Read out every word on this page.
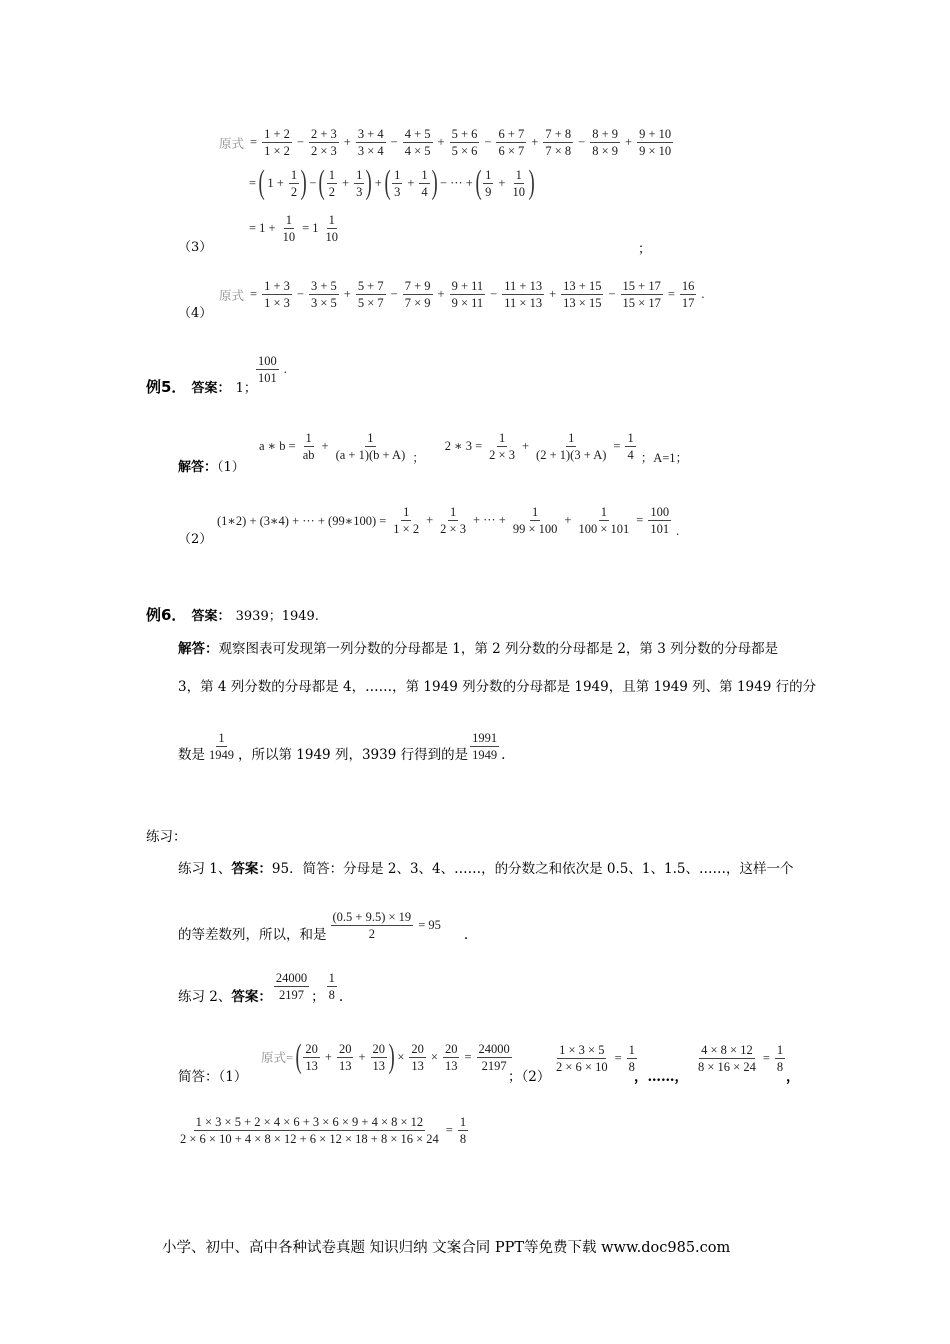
原式 = $\frac{1 + 2}{1 \times 2} - \frac{2 + 3}{2 \times 3} + \frac{3 + 4}{3 \times 4} - \frac{4 + 5}{4 \times 5} + \frac{5 + 6}{5 \times 6} - \frac{6 + 7}{6 \times 7} + \frac{7 + 8}{7 \times 8} - \frac{8 + 9}{8 \times 9} + \frac{9 + 10}{9 \times 10}$
= ( $1 + \frac{1}{2}$ ) − ( $\frac{1}{2} + \frac{1}{3}$ ) + ( $\frac{1}{3} + \frac{1}{4}$ ) − ··· + ( $\frac{1}{9} + \frac{1}{10}$ )
= $1 + \frac{1}{10} = 1 \frac{1}{10}$
（3）	；
原式 = $\frac{1 + 3}{1 \times 3} - \frac{3 + 5}{3 \times 5} + \frac{5 + 7}{5 \times 7} - \frac{7 + 9}{7 \times 9} + \frac{9 + 11}{9 \times 11} - \frac{11 + 13}{11 \times 13} + \frac{13 + 15}{13 \times 15} - \frac{15 + 17}{15 \times 17} = \frac{16}{17}$ .
（4）
例5． 答案： 1；
$\frac{100}{101}$ .
解答：（1）
a ∗ $b = \frac{1}{ab} + \frac{1}{(a + 1)(b + A)}$ ；
2 ∗ $3 = \frac{1}{2 \times 3} + \frac{1}{(2 + 1)(3 + A)} = \frac{1}{4}$ ；A=1；
（2）
(1∗2) + (3∗4) + ··· + (99∗100) = $\frac{1}{1 \times 2} + \frac{1}{2 \times 3}$ + ··· + $\frac{1}{99 \times 100} + \frac{1}{100 \times 101} = \frac{100}{101}$ .
例6． 答案： 3939；1949.
解答：观察图表可发现第一列分数的分母都是 1，第 2 列分数的分母都是 2，第 3 列分数的分母都是
3，第 4 列分数的分母都是 4，……，第 1949 列分数的分母都是 1949，且第 1949 列、第 1949 行的分
数是 $\frac{1}{1949}$ ，所以第 1949 列，3939 行得到的是 $\frac{1991}{1949}$ .
练习：
练习 1、答案：95．简答：分母是 2、3、4、……，的分数之和依次是 0.5、1、1.5、……，这样一个
的等差数列，所以，和是 $\frac{(0.5 + 9.5) \times 19}{2} = 95$
.
练习 2、 答案： $\frac{24000}{2197}$ ； $\frac{1}{8}$ .
简答：（1）
原式= ( $\frac{20}{13} + \frac{20}{13} + \frac{20}{13}$ ) × $\frac{20}{13} \times \frac{20}{13} = \frac{24000}{2197}$
；（2）
$\frac{1 \times 3 \times 5}{2 \times 6 \times 10} = \frac{1}{8}$
，……，
$\frac{4 \times 8 \times 12}{8 \times 16 \times 24} = \frac{1}{8}$
，
$\frac{1 \times 3 \times 5 + 2 \times 4 \times 6 + 3 \times 6 \times 9 + 4 \times 8 \times 12}{2 \times 6 \times 10 + 4 \times 8 \times 12 + 6 \times 12 \times 18 + 8 \times 16 \times 24} = \frac{1}{8}$
小学、初中、高中各种试卷真题 知识归纳 文案合同 PPT等免费下载 www.doc985.com
